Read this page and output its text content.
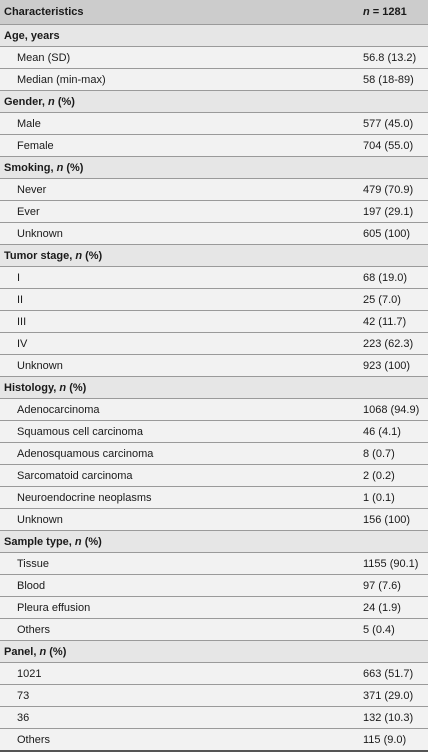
Characteristics	n = 1281
Age, years	
Mean (SD)	56.8 (13.2)
Median (min-max)	58 (18-89)
Gender, n (%)	
Male	577 (45.0)
Female	704 (55.0)
Smoking, n (%)	
Never	479 (70.9)
Ever	197 (29.1)
Unknown	605 (100)
Tumor stage, n (%)	
I	68 (19.0)
II	25 (7.0)
III	42 (11.7)
IV	223 (62.3)
Unknown	923 (100)
Histology, n (%)	
Adenocarcinoma	1068 (94.9)
Squamous cell carcinoma	46 (4.1)
Adenosquamous carcinoma	8 (0.7)
Sarcomatoid carcinoma	2 (0.2)
Neuroendocrine neoplasms	1 (0.1)
Unknown	156 (100)
Sample type, n (%)	
Tissue	1155 (90.1)
Blood	97 (7.6)
Pleura effusion	24 (1.9)
Others	5 (0.4)
Panel, n (%)	
1021	663 (51.7)
73	371 (29.0)
36	132 (10.3)
Others	115 (9.0)
